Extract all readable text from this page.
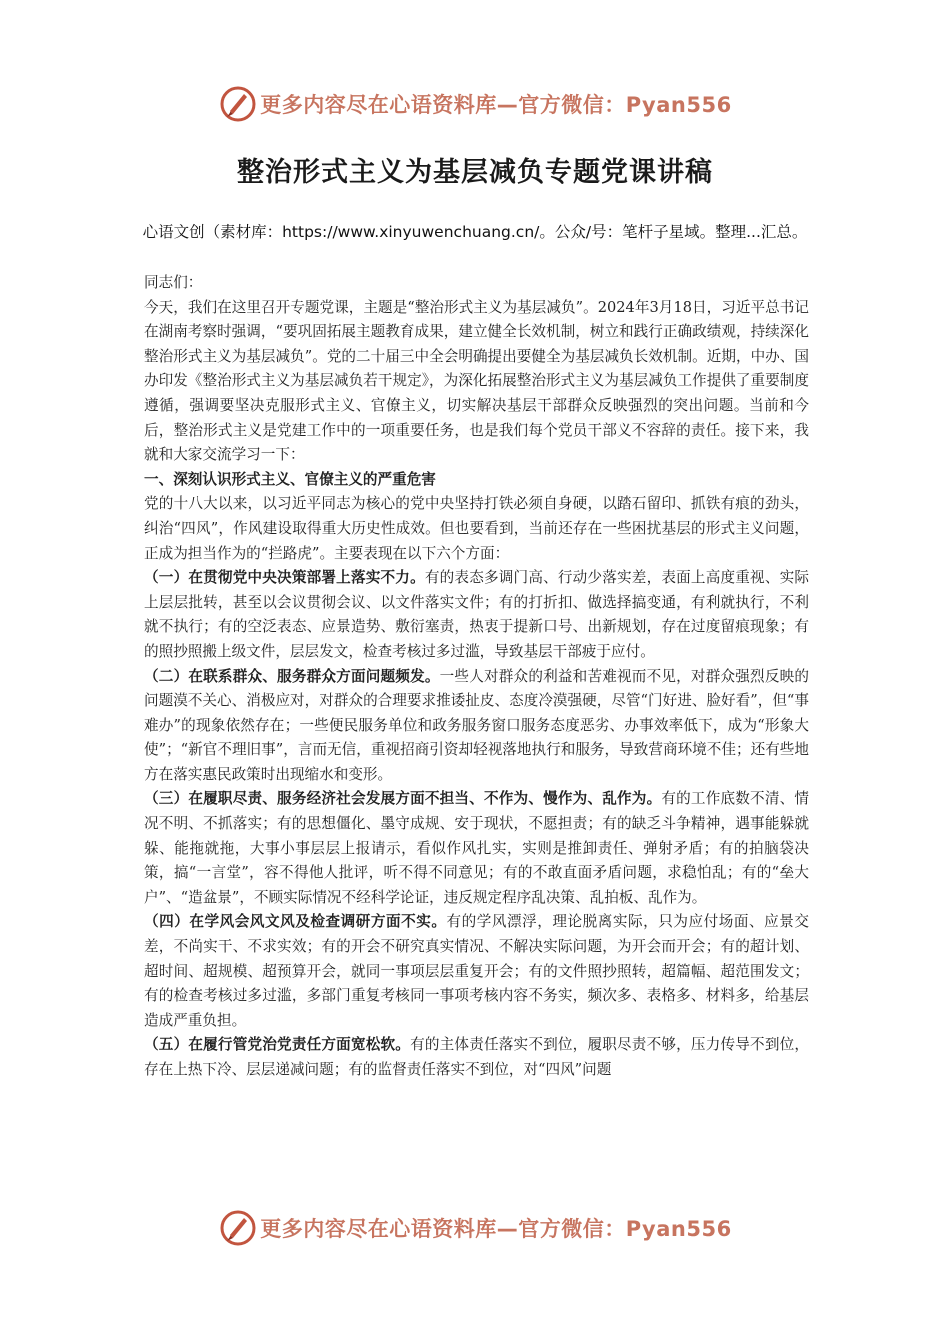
更多内容尽在心语资料库—官方微信：Pyan556
整治形式主义为基层减负专题党课讲稿
心语文创（素材库：https://www.xinyuwenchuang.cn/。公众/号：笔杆子星域。整理...汇总。

同志们：

今天，我们在这里召开专题党课，主题是“整治形式主义为基层减负”。2024年3月18日，习近平总书记在湖南考察时强调，“要巩固拓展主题教育成果，建立健全长效机制，树立和践行正确政绩观，持续深化整治形式主义为基层减负”。党的二十届三中全会明确提出要健全为基层减负长效机制。近期，中办、国办印发《整治形式主义为基层减负若干规定》，为深化拓展整治形式主义为基层减负工作提供了重要制度遵循，强调要坚决克服形式主义、官僚主义，切实解决基层干部群众反映强烈的突出问题。当前和今后，整治形式主义是党建工作中的一项重要任务，也是我们每个党员干部义不容辞的责任。接下来，我就和大家交流学习一下：

一、深刻认识形式主义、官僚主义的严重危害

党的十八大以来，以习近平同志为核心的党中央坚持打铁必须自身硬，以踏石留印、抓铁有痕的劲头，纠治“四风”，作风建设取得重大历史性成效。但也要看到，当前还存在一些困扰基层的形式主义问题，正成为担当作为的“拦路虎”。主要表现在以下六个方面：

（一）在贯彻党中央决策部署上落实不力。有的表态多调门高、行动少落实差，表面上高度重视、实际上层层批转，甚至以会议贯彻会议、以文件落实文件；有的打折扣、做选择搞变通，有利就执行，不利就不执行；有的空泛表态、应景造势、敷衍塞责，热衷于提新口号、出新规划，存在过度留痕现象；有的照抄照搬上级文件，层层发文，检查考核过多过滥，导致基层干部疲于应付。

（二）在联系群众、服务群众方面问题频发。一些人对群众的利益和苦难视而不见，对群众强烈反映的问题漠不关心、消极应对，对群众的合理要求推诿扯皮、态度冷漠强硬，尽管“门好进、脸好看”，但“事难办”的现象依然存在；一些便民服务单位和政务服务窗口服务态度恶劣、办事效率低下，成为“形象大使”；“新官不理旧事”，言而无信，重视招商引资却轻视落地执行和服务，导致营商环境不佳；还有些地方在落实惠民政策时出现缩水和变形。

（三）在履职尽责、服务经济社会发展方面不担当、不作为、慢作为、乱作为。有的工作底数不清、情况不明、不抓落实；有的思想僵化、墨守成规、安于现状，不愿担责；有的缺乏斗争精神，遇事能躲就躲、能拖就拖，大事小事层层上报请示，看似作风扎实，实则是推卸责任、弹射矛盾；有的拍脑袋决策，搞“一言堂”，容不得他人批评，听不得不同意见；有的不敢直面矛盾问题，求稳怕乱；有的“垒大户”、“造盆景”，不顾实际情况不经科学论证，违反规定程序乱决策、乱拍板、乱作为。

（四）在学风会风文风及检查调研方面不实。有的学风漂浮，理论脱离实际，只为应付场面、应景交差，不尚实干、不求实效；有的开会不研究真实情况、不解决实际问题，为开会而开会；有的超计划、超时间、超规模、超预算开会，就同一事项层层重复开会；有的文件照抄照转，超篇幅、超范围发文；有的检查考核过多过滥，多部门重复考核同一事项考核内容不务实，频次多、表格多、材料多，给基层造成严重负担。

（五）在履行管党治党责任方面宽松软。有的主体责任落实不到位，履职尽责不够，压力传导不到位，存在上热下冷、层层递减问题；有的监督责任落实不到位，对“四风”问题

更多内容尽在心语资料库—官方微信：Pyan556
